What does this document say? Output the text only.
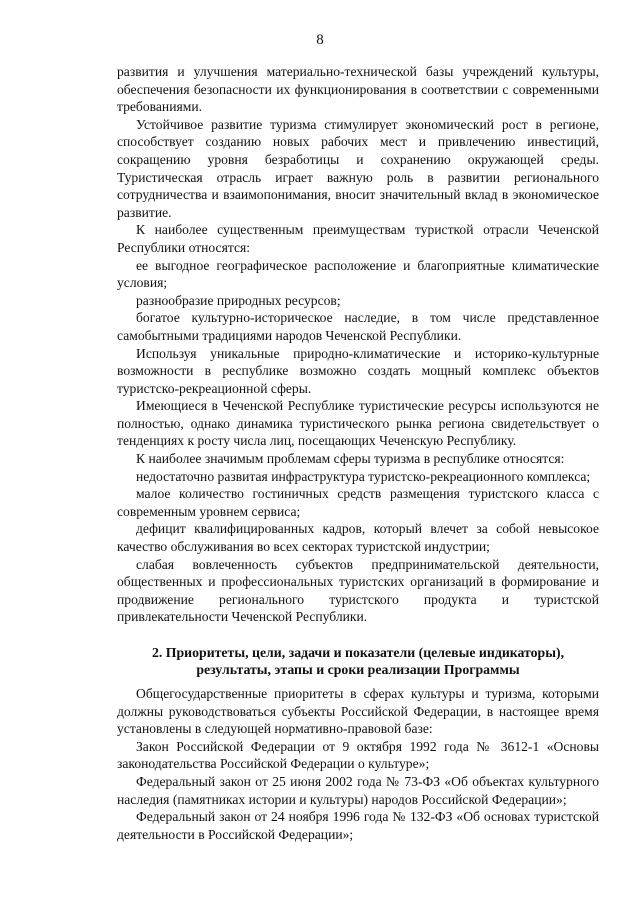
8

развития и улучшения материально-технической базы учреждений культуры, обеспечения безопасности их функционирования в соответствии с современными требованиями.

Устойчивое развитие туризма стимулирует экономический рост в регионе, способствует созданию новых рабочих мест и привлечению инвестиций, сокращению уровня безработицы и сохранению окружающей среды. Туристическая отрасль играет важную роль в развитии регионального сотрудничества и взаимопонимания, вносит значительный вклад в экономическое развитие.

К наиболее существенным преимуществам туристкой отрасли Чеченской Республики относятся:

ее выгодное географическое расположение и благоприятные климатические условия;

разнообразие природных ресурсов;

богатое культурно-историческое наследие, в том числе представленное самобытными традициями народов Чеченской Республики.

Используя уникальные природно-климатические и историко-культурные возможности в республике возможно создать мощный комплекс объектов туристско-рекреационной сферы.

Имеющиеся в Чеченской Республике туристические ресурсы используются не полностью, однако динамика туристического рынка региона свидетельствует о тенденциях к росту числа лиц, посещающих Чеченскую Республику.

К наиболее значимым проблемам сферы туризма в республике относятся:

недостаточно развитая инфраструктура туристско-рекреационного комплекса;

малое количество гостиничных средств размещения туристского класса с современным уровнем сервиса;

дефицит квалифицированных кадров, который влечет за собой невысокое качество обслуживания во всех секторах туристской индустрии;

слабая вовлеченность субъектов предпринимательской деятельности, общественных и профессиональных туристских организаций в формирование и продвижение регионального туристского продукта и туристской привлекательности Чеченской Республики.

2. Приоритеты, цели, задачи и показатели (целевые индикаторы),
результаты, этапы и сроки реализации Программы

Общегосударственные приоритеты в сферах культуры и туризма, которыми должны руководствоваться субъекты Российской Федерации, в настоящее время установлены в следующей нормативно-правовой базе:

Закон Российской Федерации от 9 октября 1992 года № 3612-1 «Основы законодательства Российской Федерации о культуре»;

Федеральный закон от 25 июня 2002 года № 73-ФЗ «Об объектах культурного наследия (памятниках истории и культуры) народов Российской Федерации»;

Федеральный закон от 24 ноября 1996 года № 132-ФЗ «Об основах туристской деятельности в Российской Федерации»;
